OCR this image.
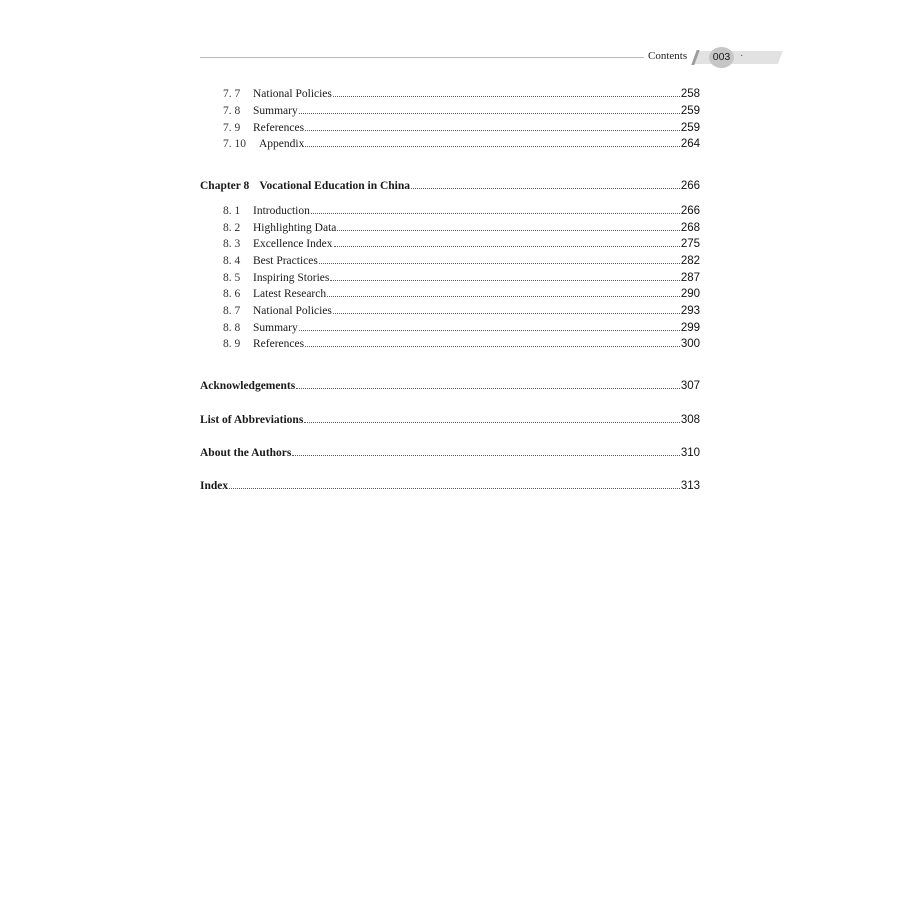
Contents	003 ·
7. 7	National Policies	258
7. 8	Summary	259
7. 9	References	259
7. 10	Appendix	264
Chapter 8 Vocational Education in China	266
8. 1	Introduction	266
8. 2	Highlighting Data	268
8. 3	Excellence Index	275
8. 4	Best Practices	282
8. 5	Inspiring Stories	287
8. 6	Latest Research	290
8. 7	National Policies	293
8. 8	Summary	299
8. 9	References	300
Acknowledgements	307
List of Abbreviations	308
About the Authors	310
Index	313
